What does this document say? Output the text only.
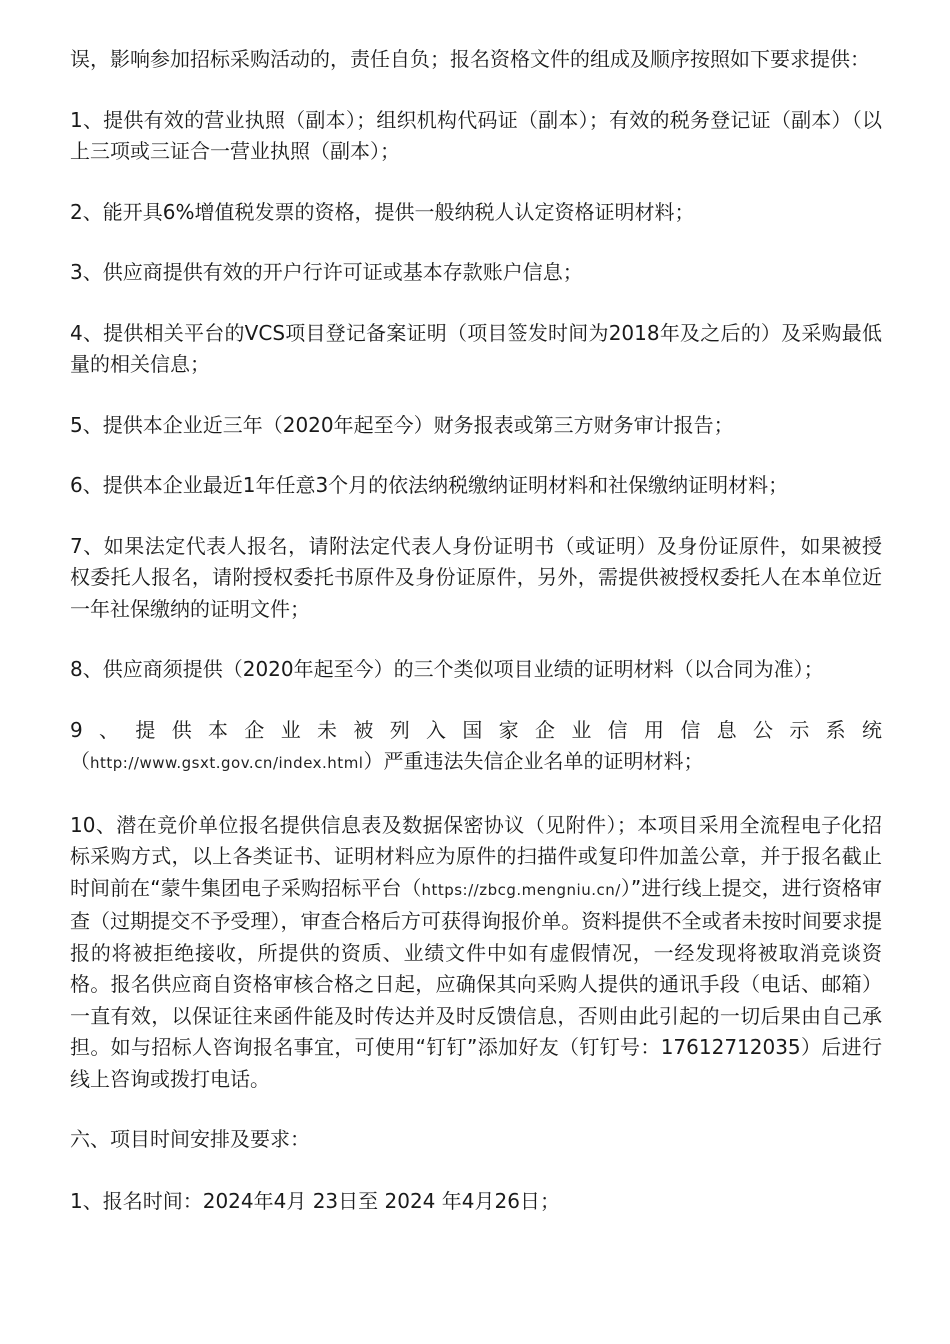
误，影响参加招标采购活动的，责任自负；报名资格文件的组成及顺序按照如下要求提供：

1、提供有效的营业执照（副本）；组织机构代码证（副本）；有效的税务登记证（副本）（以上三项或三证合一营业执照（副本）；

2、能开具6%增值税发票的资格，提供一般纳税人认定资格证明材料；

3、供应商提供有效的开户行许可证或基本存款账户信息；

4、提供相关平台的VCS项目登记备案证明（项目签发时间为2018年及之后的）及采购最低量的相关信息；

5、提供本企业近三年（2020年起至今）财务报表或第三方财务审计报告；

6、提供本企业最近1年任意3个月的依法纳税缴纳证明材料和社保缴纳证明材料；

7、如果法定代表人报名，请附法定代表人身份证明书（或证明）及身份证原件，如果被授权委托人报名，请附授权委托书原件及身份证原件，另外，需提供被授权委托人在本单位近一年社保缴纳的证明文件；

8、供应商须提供（2020年起至今）的三个类似项目业绩的证明材料（以合同为准）；

9、提供本企业未被列入国家企业信用信息公示系统

（http://www.gsxt.gov.cn/index.html）严重违法失信企业名单的证明材料；

10、潜在竞价单位报名提供信息表及数据保密协议（见附件）；本项目采用全流程电子化招标采购方式，以上各类证书、证明材料应为原件的扫描件或复印件加盖公章，并于报名截止时间前在“蒙牛集团电子采购招标平台（https://zbcg.mengniu.cn/）”进行线上提交，进行资格审查（过期提交不予受理），审查合格后方可获得询报价单。资料提供不全或者未按时间要求提报的将被拒绝接收，所提供的资质、业绩文件中如有虚假情况，一经发现将被取消竞谈资格。报名供应商自资格审核合格之日起，应确保其向采购人提供的通讯手段（电话、邮箱）一直有效，以保证往来函件能及时传达并及时反馈信息，否则由此引起的一切后果由自己承担。如与招标人咨询报名事宜，可使用“钉钉”添加好友（钉钉号：17612712035）后进行线上咨询或拨打电话。

六、项目时间安排及要求：

1、报名时间：2024年4月 23日至 2024 年4月26日；
